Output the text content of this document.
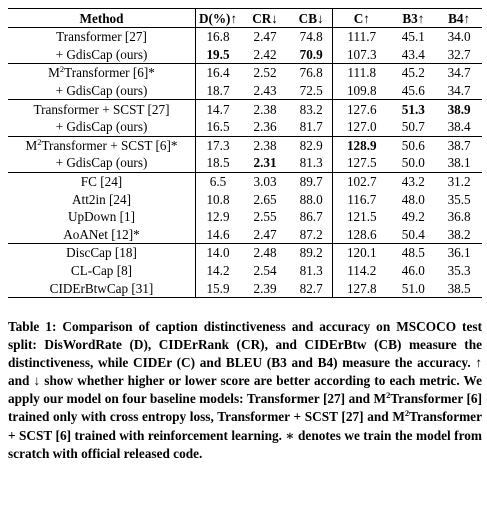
Method	D(%)↑	CR↓	CB↓	C↑	B3↑	B4↑
Transformer [27]	16.8	2.47	74.8	111.7	45.1	34.0
+ GdisCap (ours)	19.5	2.42	70.9	107.3	43.4	32.7
$M^2Transformer$ [6]*	16.4	2.52	76.8	111.8	45.2	34.7
+ GdisCap (ours)	18.7	2.43	72.5	109.8	45.6	34.7
Transformer + SCST [27]	14.7	2.38	83.2	127.6	51.3	38.9
+ GdisCap (ours)	16.5	2.36	81.7	127.0	50.7	38.4
$M^2Transformer$ + SCST [6]*	17.3	2.38	82.9	128.9	50.6	38.7
+ GdisCap (ours)	18.5	2.31	81.3	127.5	50.0	38.1
FC [24]	6.5	3.03	89.7	102.7	43.2	31.2
Att2in [24]	10.8	2.65	88.0	116.7	48.0	35.5
UpDown [1]	12.9	2.55	86.7	121.5	49.2	36.8
AoANet [12]*	14.6	2.47	87.2	128.6	50.4	38.2
DiscCap [18]	14.0	2.48	89.2	120.1	48.5	36.1
CL-Cap [8]	14.2	2.54	81.3	114.2	46.0	35.3
CIDErBtwCap [31]	15.9	2.39	82.7	127.8	51.0	38.5
Table 1: Comparison of caption distinctiveness and accuracy on MSCOCO test split: DisWordRate (D), CIDErRank (CR), and CIDErBtw (CB) measure the distinctiveness, while CIDEr (C) and BLEU (B3 and B4) measure the accuracy. ↑ and ↓ show whether higher or lower score are better according to each metric. We apply our model on four baseline models: Transformer [27] and $M^2Transformer$ [6] trained only with cross entropy loss, Transformer + SCST [27] and $M^2Transformer$ + SCST [6] trained with reinforcement learning. ∗ denotes we train the model from scratch with official released code.
